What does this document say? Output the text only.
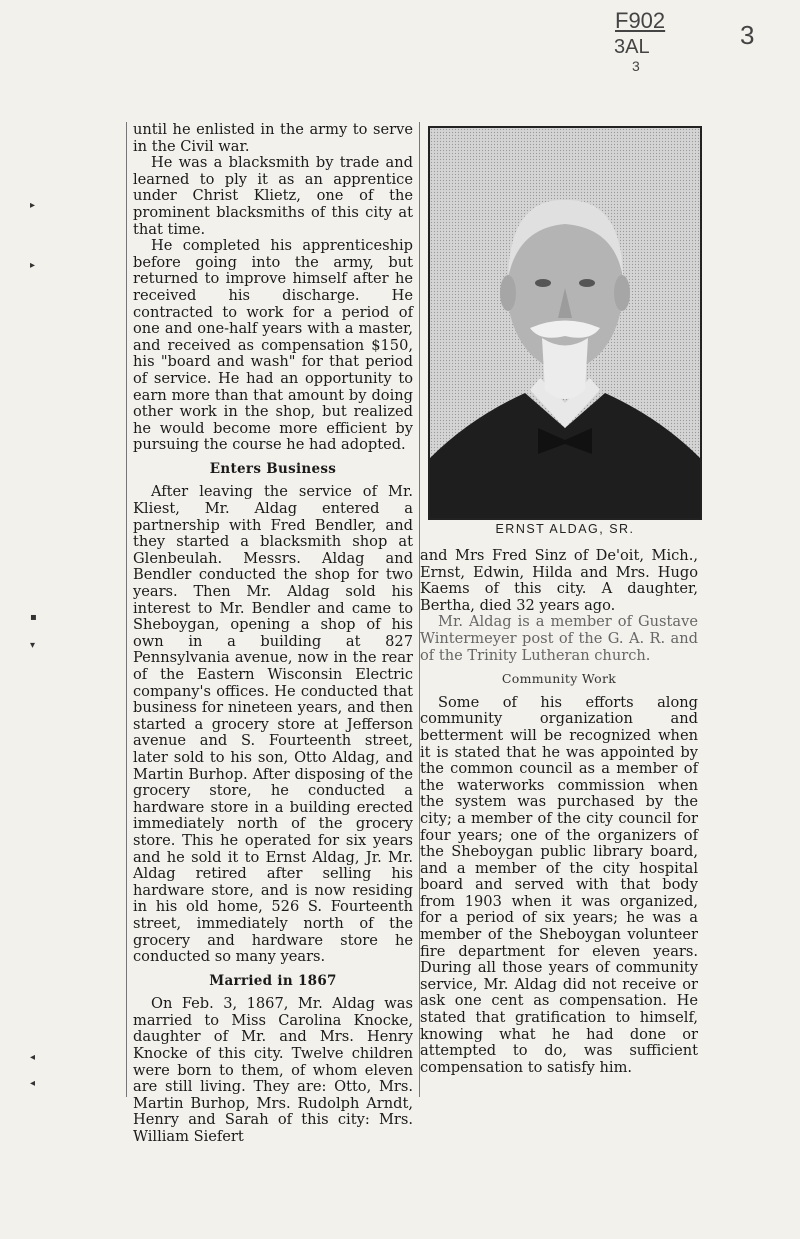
F902
3AL
3
3
▸
▸
▪
▾
◂
◂

until he enlisted in the army to serve in the Civil war.

He was a blacksmith by trade and learned to ply it as an apprentice under Christ Klietz, one of the prominent blacksmiths of this city at that time.

He completed his apprenticeship before going into the army, but returned to improve himself after he received his discharge. He contracted to work for a period of one and one-half years with a master, and received as compensation $150, his "board and wash" for that period of service. He had an opportunity to earn more than that amount by doing other work in the shop, but realized he would become more efficient by pursuing the course he had adopted.

Enters Business

After leaving the service of Mr. Kliest, Mr. Aldag entered a partnership with Fred Bendler, and they started a blacksmith shop at Glenbeulah. Messrs. Aldag and Bendler conducted the shop for two years. Then Mr. Aldag sold his interest to Mr. Bendler and came to Sheboygan, opening a shop of his own in a building at 827 Pennsylvania avenue, now in the rear of the Eastern Wisconsin Electric company's offices. He conducted that business for nineteen years, and then started a grocery store at Jefferson avenue and S. Fourteenth street, later sold to his son, Otto Aldag, and Martin Burhop. After disposing of the grocery store, he conducted a hardware store in a building erected immediately north of the grocery store. This he operated for six years and he sold it to Ernst Aldag, Jr. Mr. Aldag retired after selling his hardware store, and is now residing in his old home, 526 S. Fourteenth street, immediately north of the grocery and hardware store he conducted so many years.

Married in 1867

On Feb. 3, 1867, Mr. Aldag was married to Miss Carolina Knocke, daughter of Mr. and Mrs. Henry Knocke of this city. Twelve children were born to them, of whom eleven are still living. They are: Otto, Mrs. Martin Burhop, Mrs. Rudolph Arndt, Henry and Sarah of this city: Mrs. William Siefert

ERNST ALDAG, SR.

and Mrs Fred Sinz of De'oit, Mich., Ernst, Edwin, Hilda and Mrs. Hugo Kaems of this city. A daughter, Bertha, died 32 years ago.

Mr. Aldag is a member of Gustave Wintermeyer post of the G. A. R. and of the Trinity Lutheran church.

Community Work

Some of his efforts along community organization and betterment will be recognized when it is stated that he was appointed by the common council as a member of the waterworks commission when the system was purchased by the city; a member of the city council for four years; one of the organizers of the Sheboygan public library board, and a member of the city hospital board and served with that body from 1903 when it was organized, for a period of six years; he was a member of the Sheboygan volunteer fire department for eleven years. During all those years of community service, Mr. Aldag did not receive or ask one cent as compensation. He stated that gratification to himself, knowing what he had done or attempted to do, was sufficient compensation to satisfy him.
